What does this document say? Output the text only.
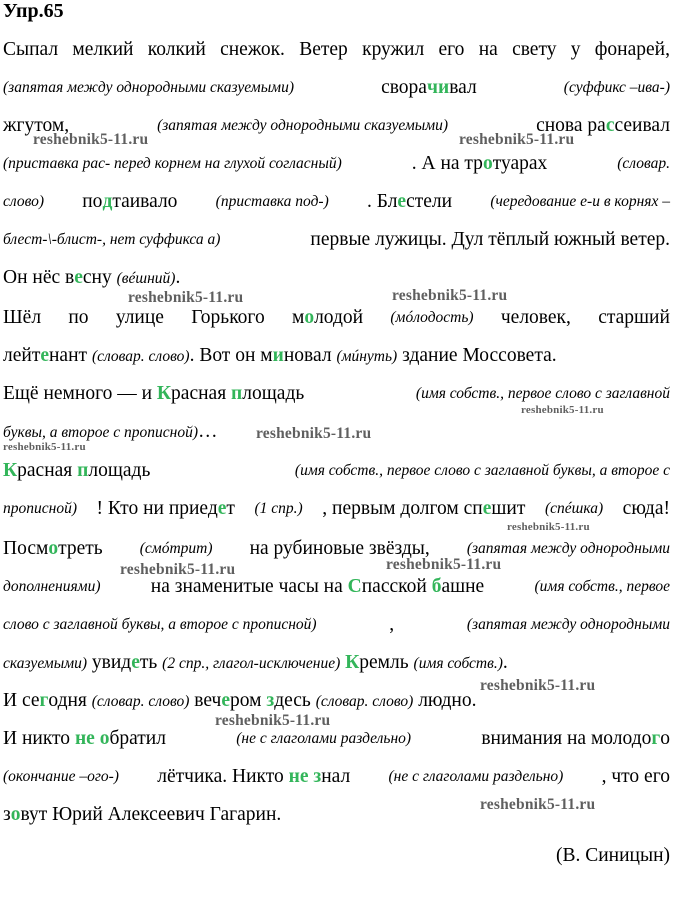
Упр.65
Сыпал мелкий колкий снежок. Ветер кружил его на свету у фонарей,
(запятая между однородными сказуемыми)	сворачивал	(суффикс –ива-)
жгутом,	(запятая между однородными сказуемыми)	снова рассеивал
(приставка рас- перед корнем на глухой согласный)	. А на тротуарах	(словар.
слово) подтаивало (приставка под-) . Блестели (чередование е-и в корнях –
блест-\-блист-, нет суффикса а)	первые лужицы. Дул тёплый южный ветер.
Он нёс весну (вéшний).
Шёл по улице Горького молодой (мóлодость) человек, старший
лейтенант (словар. слово). Вот он миновал (мúнуть) здание Моссовета.
Ещё немного — и Красная площадь	(имя собств., первое слово с заглавной
буквы, а второе с прописной)…
Красная площадь	(имя собств., первое слово с заглавной буквы, а второе с
прописной) ! Кто ни приедет (1 спр.) , первым долгом спешит (спéшка) сюда!
Посмотреть (смóтрит) на рубиновые звёзды, (запятая между однородными
дополнениями)	на знаменитые часы на Спасской башне	(имя собств., первое
слово с заглавной буквы, а второе с прописной)	,	(запятая между однородными
сказуемыми) увидеть (2 спр., глагол-исключение) Кремль (имя собств.).
И сегодня (словар. слово) вечером здесь (словар. слово) людно.
И никто не обратил	(не с глаголами раздельно)	внимания на молодого
(окончание –ого-) лётчика. Никто не знал (не с глаголами раздельно) , что его
зовут Юрий Алексеевич Гагарин.
(В. Синицын)
reshebnik5-11.ru	reshebnik5-11.ru
reshebnik5-11.ru	reshebnik5-11.ru
reshebnik5-11.ru
reshebnik5-11.ru
reshebnik5-11.ru
reshebnik5-11.ru
reshebnik5-11.ru	reshebnik5-11.ru
reshebnik5-11.ru
reshebnik5-11.ru
reshebnik5-11.ru
